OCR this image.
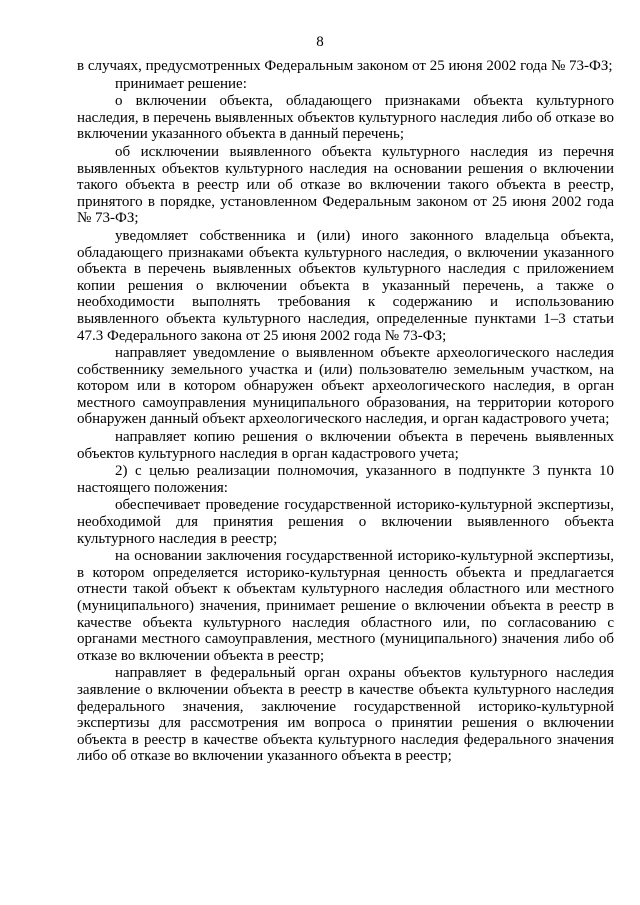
8

в случаях, предусмотренных Федеральным законом от 25 июня 2002 года № 73-ФЗ;

принимает решение:

о включении объекта, обладающего признаками объекта культурного наследия, в перечень выявленных объектов культурного наследия либо об отказе во включении указанного объекта в данный перечень;

об исключении выявленного объекта культурного наследия из перечня выявленных объектов культурного наследия на основании решения о включении такого объекта в реестр или об отказе во включении такого объекта в реестр, принятого в порядке, установленном Федеральным законом от 25 июня 2002 года № 73-ФЗ;

уведомляет собственника и (или) иного законного владельца объекта, обладающего признаками объекта культурного наследия, о включении указанного объекта в перечень выявленных объектов культурного наследия с приложением копии решения о включении объекта в указанный перечень, а также о необходимости выполнять требования к содержанию и использованию выявленного объекта культурного наследия, определенные пунктами 1–3 статьи 47.3 Федерального закона от 25 июня 2002 года № 73-ФЗ;

направляет уведомление о выявленном объекте археологического наследия собственнику земельного участка и (или) пользователю земельным участком, на котором или в котором обнаружен объект археологического наследия, в орган местного самоуправления муниципального образования, на территории которого обнаружен данный объект археологического наследия, и орган кадастрового учета;

направляет копию решения о включении объекта в перечень выявленных объектов культурного наследия в орган кадастрового учета;

2) с целью реализации полномочия, указанного в подпункте 3 пункта 10 настоящего положения:

обеспечивает проведение государственной историко-культурной экспертизы, необходимой для принятия решения о включении выявленного объекта культурного наследия в реестр;

на основании заключения государственной историко-культурной экспертизы, в котором определяется историко-культурная ценность объекта и предлагается отнести такой объект к объектам культурного наследия областного или местного (муниципального) значения, принимает решение о включении объекта в реестр в качестве объекта культурного наследия областного или, по согласованию с органами местного самоуправления, местного (муниципального) значения либо об отказе во включении объекта в реестр;

направляет в федеральный орган охраны объектов культурного наследия заявление о включении объекта в реестр в качестве объекта культурного наследия федерального значения, заключение государственной историко-культурной экспертизы для рассмотрения им вопроса о принятии решения о включении объекта в реестр в качестве объекта культурного наследия федерального значения либо об отказе во включении указанного объекта в реестр;
